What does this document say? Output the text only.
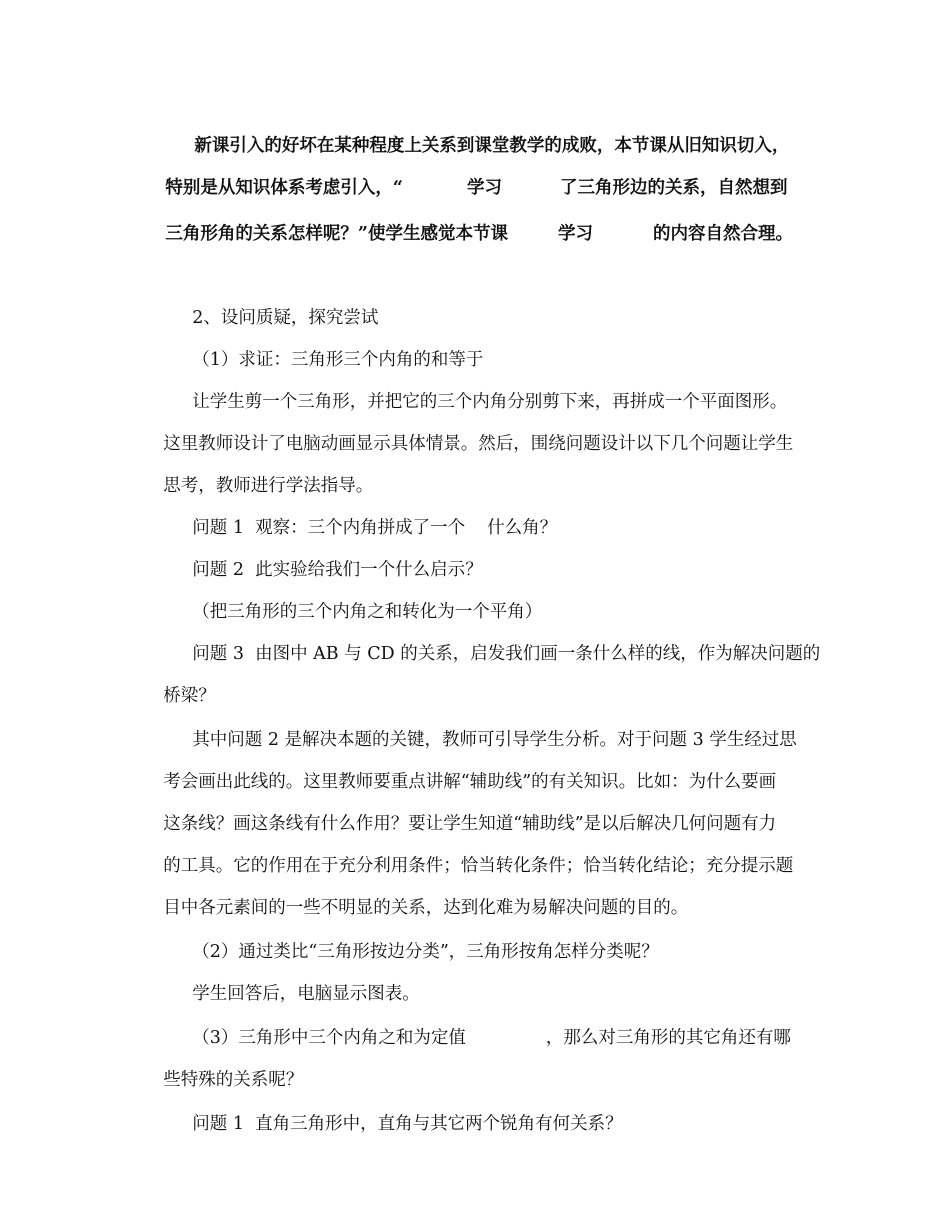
新课引入的好坏在某种程度上关系到课堂教学的成败，本节课从旧知识切入，

特别是从知识体系考虑引入，“	学习	了三角形边的关系，自然想到

三角形角的关系怎样呢？”使学生感觉本节课	学习	的内容自然合理。

2、设问质疑，探究尝试

（1）求证：三角形三个内角的和等于

让学生剪一个三角形，并把它的三个内角分别剪下来，再拼成一个平面图形。

这里教师设计了电脑动画显示具体情景。然后，围绕问题设计以下几个问题让学生

思考，教师进行学法指导。

问题 1  观察：三个内角拼成了一个 什么角？

问题 2  此实验给我们一个什么启示？

（把三角形的三个内角之和转化为一个平角）

问题 3  由图中 AB 与 CD 的关系，启发我们画一条什么样的线，作为解决问题的

桥梁？

其中问题 2 是解决本题的关键，教师可引导学生分析。对于问题 3 学生经过思

考会画出此线的。这里教师要重点讲解“辅助线”的有关知识。比如：为什么要画

这条线？画这条线有什么作用？要让学生知道“辅助线”是以后解决几何问题有力

的工具。它的作用在于充分利用条件；恰当转化条件；恰当转化结论；充分提示题

目中各元素间的一些不明显的关系，达到化难为易解决问题的目的。

（2）通过类比“三角形按边分类”，三角形按角怎样分类呢？

学生回答后，电脑显示图表。

（3）三角形中三个内角之和为定值	，那么对三角形的其它角还有哪

些特殊的关系呢？

问题 1  直角三角形中，直角与其它两个锐角有何关系？
